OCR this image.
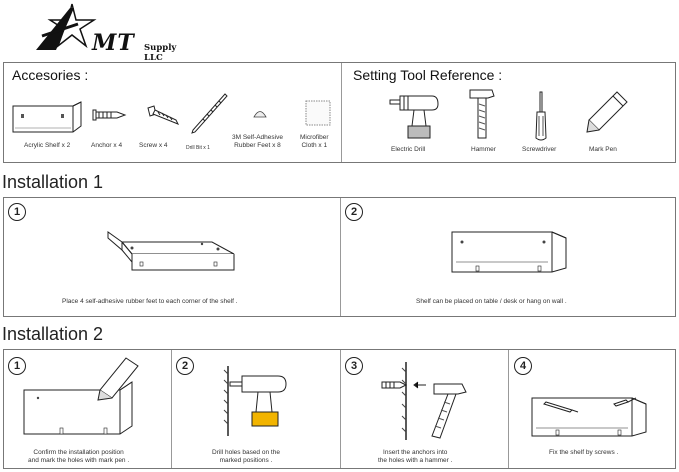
MT Supply LLC
Accesories :	Setting Tool Reference :
Acrylic Shelf x 2	Anchor x 4	Screw x 4	Drill Bit x 1
3M Self-Adhesive
Rubber Feet x 8
Microfiber
Cloth x 1
Electric Drill	Hammer	Screwdriver	Mark Pen
Installation 1
1
Place 4 self-adhesive rubber feet to each corner of the shelf .
2
Shelf can be placed on table / desk or hang on wall .
Installation 2
1
Confirm the installation position
and mark the holes with mark pen .
2
Drill holes based on the
marked positions .
3
Insert the anchors into
the holes with a hammer .
4
Fix the shelf by screws .
